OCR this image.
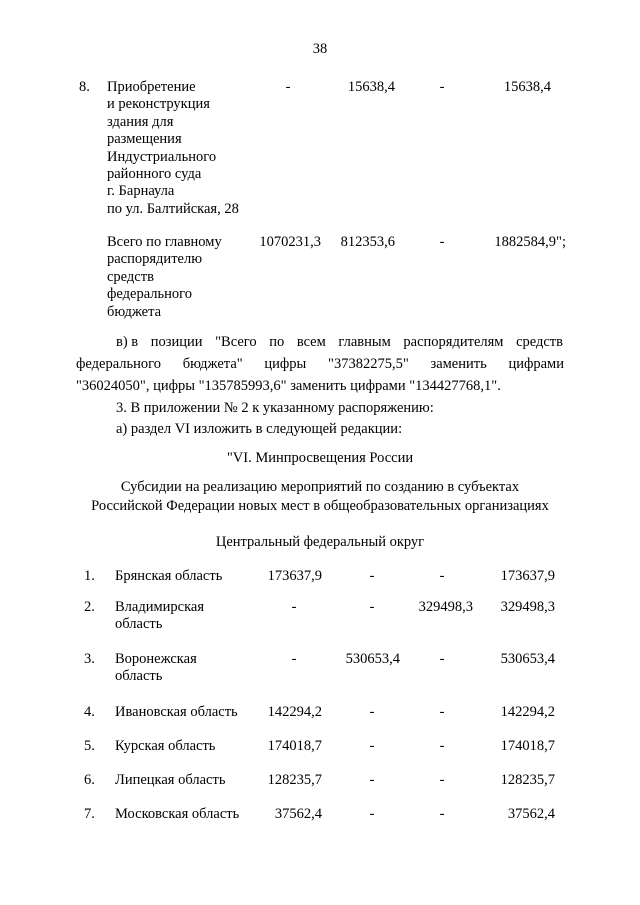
38
8. Приобретение
и реконструкция
здания для
размещения
Индустриального
районного суда
г. Барнаула
по ул. Балтийская, 28
-	15638,4	-	15638,4
Всего по главному
распорядителю
средств
федерального
бюджета
1070231,3	812353,6	-	1882584,9";
в) в позиции "Всего по всем главным распорядителям средств
федерального бюджета" цифры "37382275,5" заменить цифрами
"36024050", цифры "135785993,6" заменить цифрами "134427768,1".
3. В приложении № 2 к указанному распоряжению:
а) раздел VI изложить в следующей редакции:
"VI. Минпросвещения России
Субсидии на реализацию мероприятий по созданию в субъектах
Российской Федерации новых мест в общеобразовательных организациях
Центральный федеральный округ
1. Брянская область	173637,9	-	-	173637,9
2. Владимирская
область
-	-	329498,3	329498,3
3. Воронежская
область
-	530653,4	-	530653,4
4. Ивановская область	142294,2	-	-	142294,2
5. Курская область	174018,7	-	-	174018,7
6. Липецкая область	128235,7	-	-	128235,7
7. Московская область	37562,4	-	-	37562,4
